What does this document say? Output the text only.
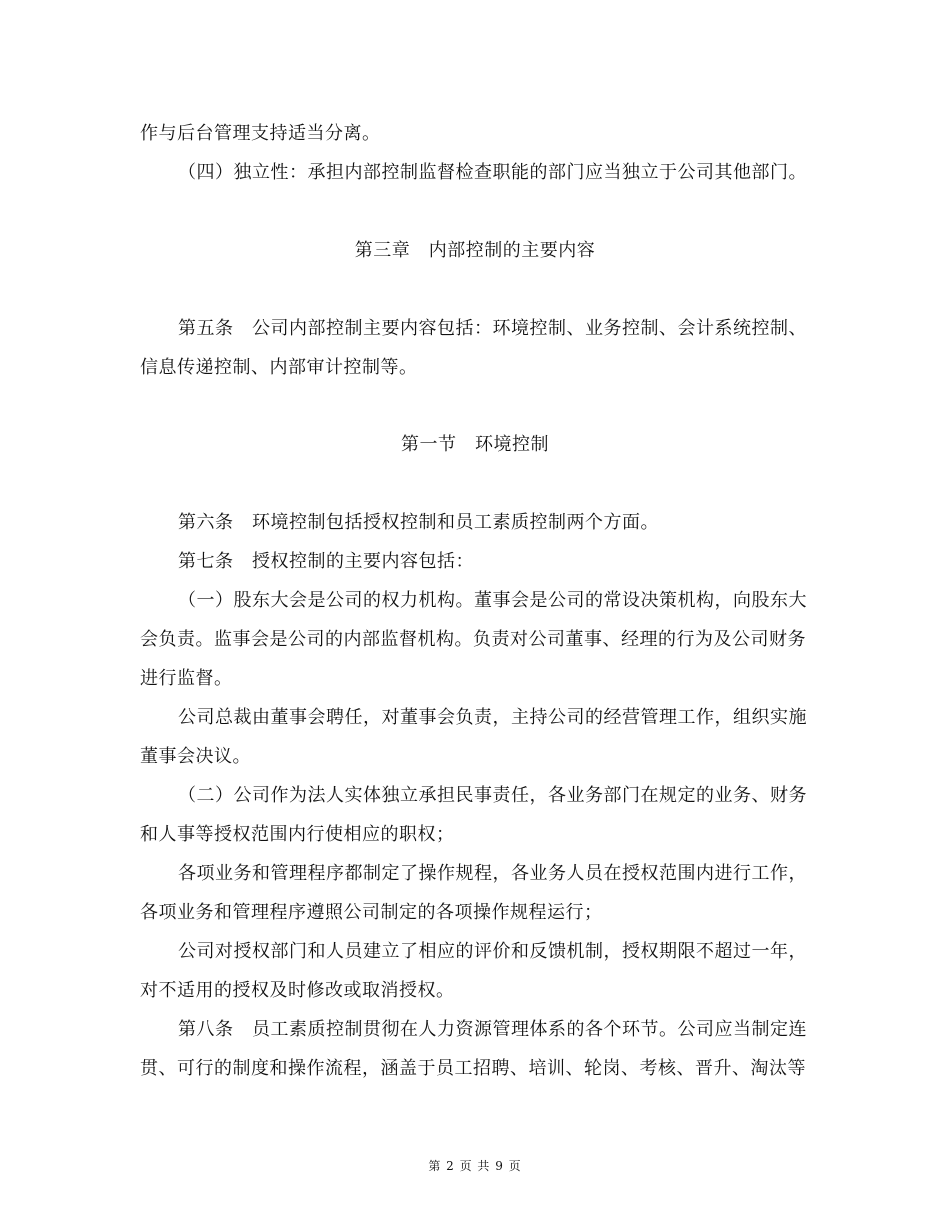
作与后台管理支持适当分离。

（四）独立性：承担内部控制监督检查职能的部门应当独立于公司其他部门。

第三章　内部控制的主要内容

第五条　公司内部控制主要内容包括：环境控制、业务控制、会计系统控制、

信息传递控制、内部审计控制等。

第一节　环境控制

第六条　环境控制包括授权控制和员工素质控制两个方面。

第七条　授权控制的主要内容包括：

（一）股东大会是公司的权力机构。董事会是公司的常设决策机构，向股东大

会负责。监事会是公司的内部监督机构。负责对公司董事、经理的行为及公司财务

进行监督。

公司总裁由董事会聘任，对董事会负责，主持公司的经营管理工作，组织实施

董事会决议。

（二）公司作为法人实体独立承担民事责任，各业务部门在规定的业务、财务

和人事等授权范围内行使相应的职权；

各项业务和管理程序都制定了操作规程，各业务人员在授权范围内进行工作，

各项业务和管理程序遵照公司制定的各项操作规程运行；

公司对授权部门和人员建立了相应的评价和反馈机制，授权期限不超过一年，

对不适用的授权及时修改或取消授权。

第八条　员工素质控制贯彻在人力资源管理体系的各个环节。公司应当制定连

贯、可行的制度和操作流程，涵盖于员工招聘、培训、轮岗、考核、晋升、淘汰等

第 2 页 共 9 页
